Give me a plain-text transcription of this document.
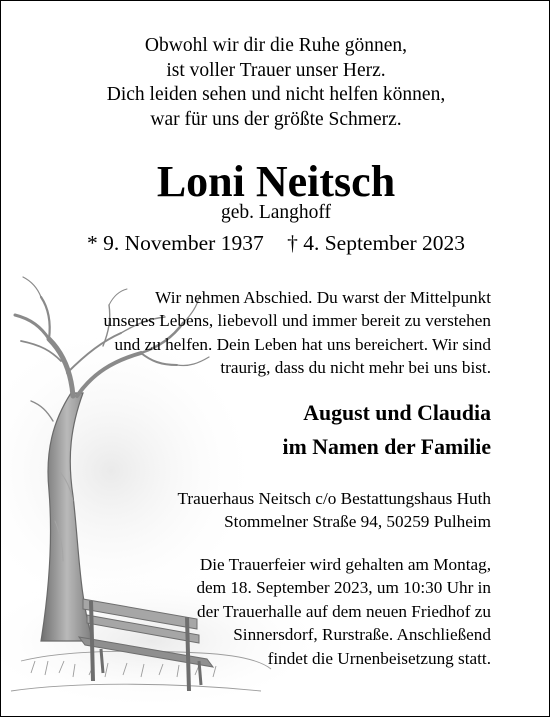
Obwohl wir dir die Ruhe gönnen,
ist voller Trauer unser Herz.
Dich leiden sehen und nicht helfen können,
war für uns der größte Schmerz.
Loni Neitsch
geb. Langhoff
* 9. November 1937 † 4. September 2023
Wir nehmen Abschied. Du warst der Mittelpunkt
unseres Lebens, liebevoll und immer bereit zu verstehen
und zu helfen. Dein Leben hat uns bereichert. Wir sind
traurig, dass du nicht mehr bei uns bist.
August und Claudia
im Namen der Familie
Trauerhaus Neitsch c/o Bestattungshaus Huth
Stommelner Straße 94, 50259 Pulheim
Die Trauerfeier wird gehalten am Montag,
dem 18. September 2023, um 10:30 Uhr in
der Trauerhalle auf dem neuen Friedhof zu
Sinnersdorf, Rurstraße. Anschließend
findet die Urnenbeisetzung statt.
